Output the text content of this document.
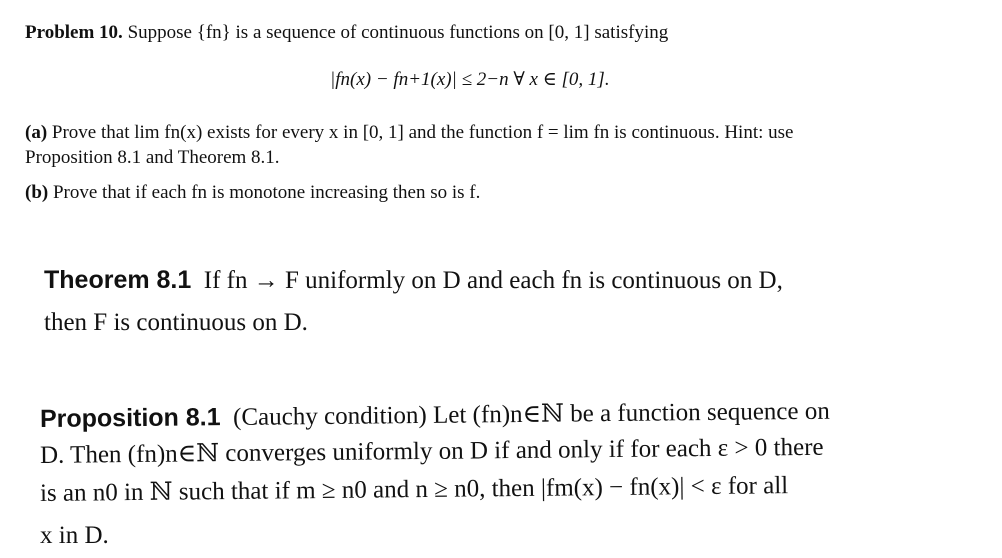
Problem 10. Suppose {fn} is a sequence of continuous functions on [0, 1] satisfying
|fn(x) − fn+1(x)| ≤ 2−n ∀ x ∈ [0, 1].
(a) Prove that lim fn(x) exists for every x in [0, 1] and the function f = lim fn is continuous. Hint: use
Proposition 8.1 and Theorem 8.1.
(b) Prove that if each fn is monotone increasing then so is f.
Theorem 8.1 If fn → F uniformly on D and each fn is continuous on D,
then F is continuous on D.
Proposition 8.1 (Cauchy condition) Let (fn)n∈ℕ be a function sequence on
D. Then (fn)n∈ℕ converges uniformly on D if and only if for each ε > 0 there
is an n0 in ℕ such that if m ≥ n0 and n ≥ n0, then |fm(x) − fn(x)| < ε for all
x in D.
